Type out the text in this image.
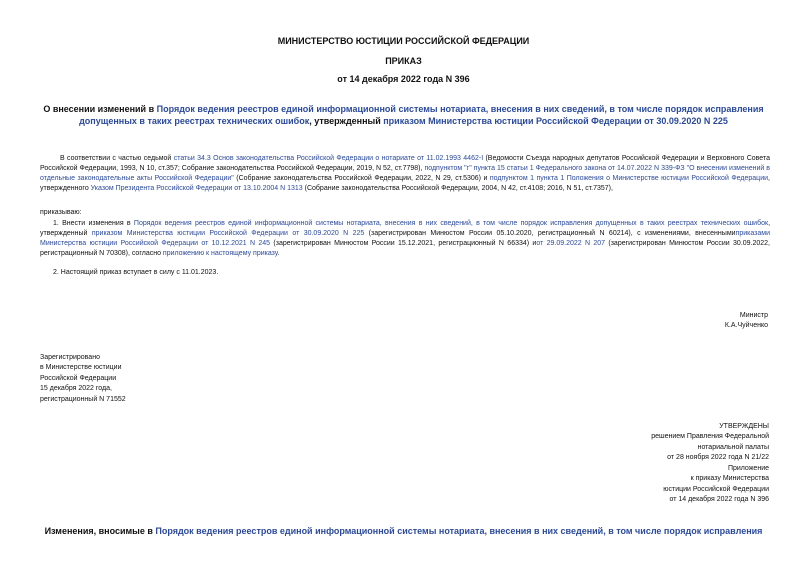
МИНИСТЕРСТВО ЮСТИЦИИ РОССИЙСКОЙ ФЕДЕРАЦИИ
ПРИКАЗ
от 14 декабря 2022 года N 396
О внесении изменений в Порядок ведения реестров единой информационной системы нотариата, внесения в них сведений, в том числе порядок исправления допущенных в таких реестрах технических ошибок, утвержденный приказом Министерства юстиции Российской Федерации от 30.09.2020 N 225
В соответствии с частью седьмой статьи 34.3 Основ законодательства Российской Федерации о нотариате от 11.02.1993 4462-I (Ведомости Съезда народных депутатов Российской Федерации и Верховного Совета Российской Федерации, 1993, N 10, ст.357; Собрание законодательства Российской Федерации, 2019, N 52, ст.7798), подпунктом "г" пункта 15 статьи 1 Федерального закона от 14.07.2022 N 339-ФЗ "О внесении изменений в отдельные законодательные акты Российской Федерации" (Собрание законодательства Российской Федерации, 2022, N 29, ст.5306) и подпунктом 1 пункта 1 Положения о Министерстве юстиции Российской Федерации, утвержденного Указом Президента Российской Федерации от 13.10.2004 N 1313 (Собрание законодательства Российской Федерации, 2004, N 42, ст.4108; 2016, N 51, ст.7357),
приказываю:
1. Внести изменения в Порядок ведения реестров единой информационной системы нотариата, внесения в них сведений, в том числе порядок исправления допущенных в таких реестрах технических ошибок, утвержденный приказом Министерства юстиции Российской Федерации от 30.09.2020 N 225 (зарегистрирован Минюстом России 05.10.2020, регистрационный N 60214), с изменениями, внесеннымиприказами Министерства юстиции Российской Федерации от 10.12.2021 N 245 (зарегистрирован Минюстом России 15.12.2021, регистрационный N 66334) иот 29.09.2022 N 207 (зарегистрирован Минюстом России 30.09.2022, регистрационный N 70308), согласно приложению к настоящему приказу.
2. Настоящий приказ вступает в силу с 11.01.2023.
Министр
К.А.Чуйченко
Зарегистрировано
в Министерстве юстиции
Российской Федерации
15 декабря 2022 года,
регистрационный N 71552
УТВЕРЖДЕНЫ
решением Правления Федеральной
нотариальной палаты
от 28 ноября 2022 года N 21/22
Приложение
к приказу Министерства
юстиции Российской Федерации
от 14 декабря 2022 года N 396
Изменения, вносимые в Порядок ведения реестров единой информационной системы нотариата, внесения в них сведений, в том числе порядок исправления
